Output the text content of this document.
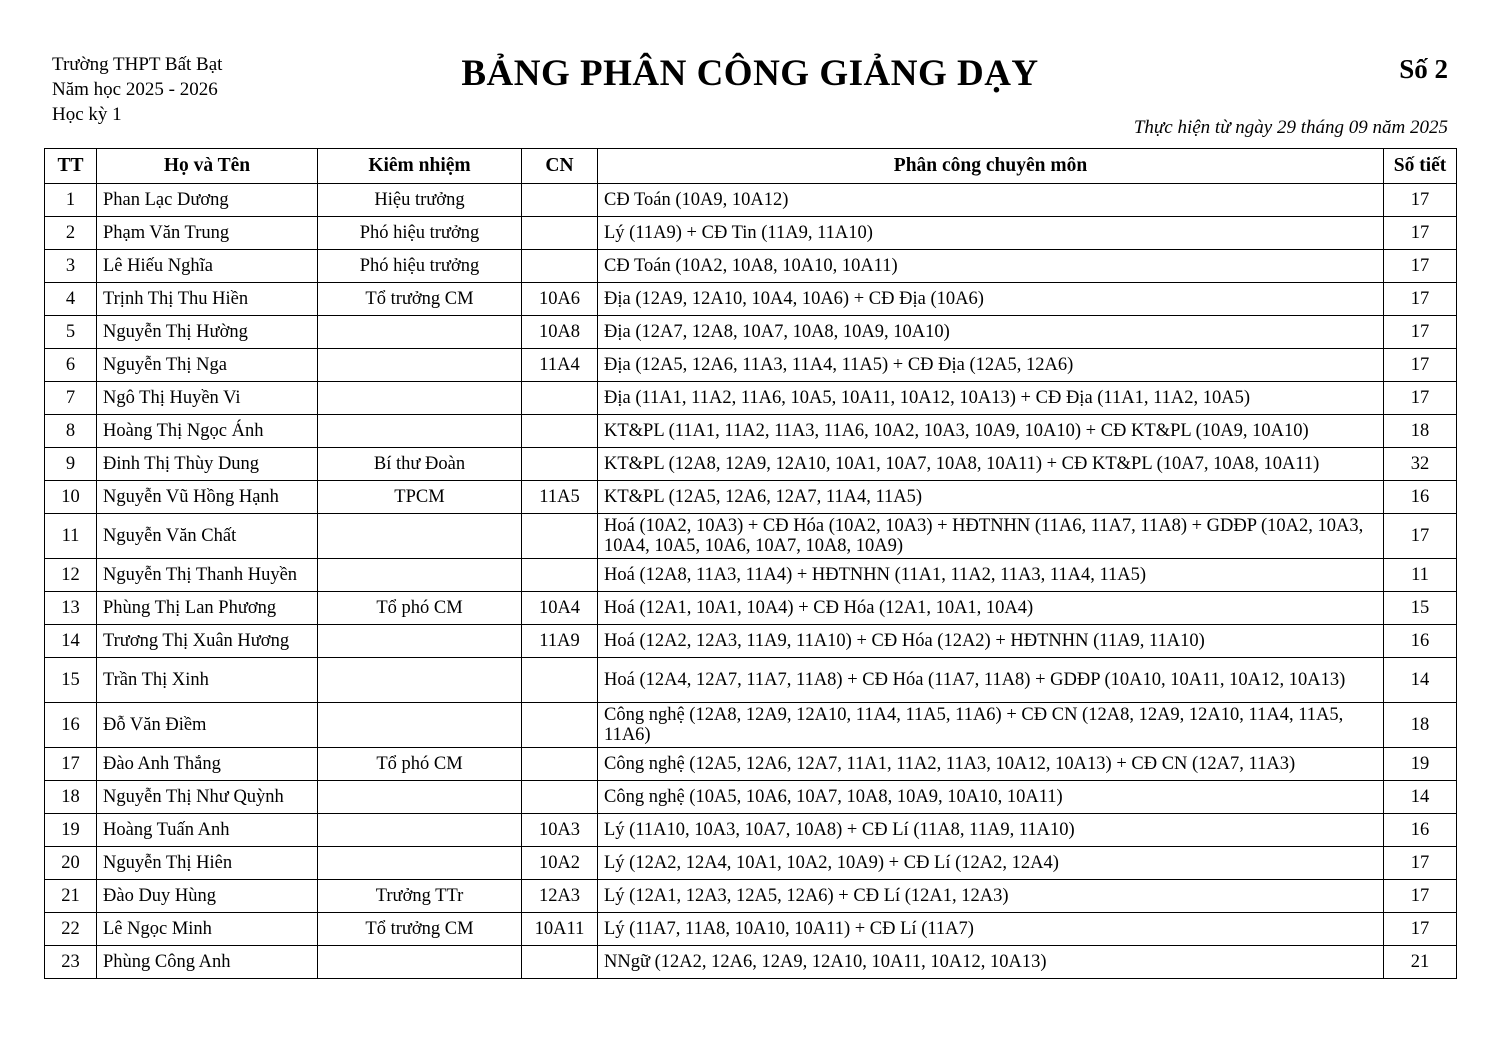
Trường THPT Bất Bạt
Năm học 2025 - 2026
Học kỳ 1
BẢNG PHÂN CÔNG GIẢNG DẠY	Số 2
Thực hiện từ ngày 29 tháng 09 năm 2025
TT	Họ và Tên	Kiêm nhiệm	CN	Phân công chuyên môn	Số tiết
1	Phan Lạc Dương	Hiệu trưởng		CĐ Toán (10A9, 10A12)	17
2	Phạm Văn Trung	Phó hiệu trưởng		Lý (11A9) + CĐ Tin (11A9, 11A10)	17
3	Lê Hiếu Nghĩa	Phó hiệu trưởng		CĐ Toán (10A2, 10A8, 10A10, 10A11)	17
4	Trịnh Thị Thu Hiền	Tổ trưởng CM	10A6	Địa (12A9, 12A10, 10A4, 10A6) + CĐ Địa (10A6)	17
5	Nguyễn Thị Hường		10A8	Địa (12A7, 12A8, 10A7, 10A8, 10A9, 10A10)	17
6	Nguyễn Thị Nga		11A4	Địa (12A5, 12A6, 11A3, 11A4, 11A5) + CĐ Địa (12A5, 12A6)	17
7	Ngô Thị Huyền Vi			Địa (11A1, 11A2, 11A6, 10A5, 10A11, 10A12, 10A13) + CĐ Địa (11A1, 11A2, 10A5)	17
8	Hoàng Thị Ngọc Ánh			KT&PL (11A1, 11A2, 11A3, 11A6, 10A2, 10A3, 10A9, 10A10) + CĐ KT&PL (10A9, 10A10)	18
9	Đinh Thị Thùy Dung	Bí thư Đoàn		KT&PL (12A8, 12A9, 12A10, 10A1, 10A7, 10A8, 10A11) + CĐ KT&PL (10A7, 10A8, 10A11)	32
10	Nguyễn Vũ Hồng Hạnh	TPCM	11A5	KT&PL (12A5, 12A6, 12A7, 11A4, 11A5)	16
11	Nguyễn Văn Chất			Hoá (10A2, 10A3) + CĐ Hóa (10A2, 10A3) + HĐTNHN (11A6, 11A7, 11A8) + GDĐP (10A2, 10A3, 10A4, 10A5, 10A6, 10A7, 10A8, 10A9)	17
12	Nguyễn Thị Thanh Huyền			Hoá (12A8, 11A3, 11A4) + HĐTNHN (11A1, 11A2, 11A3, 11A4, 11A5)	11
13	Phùng Thị Lan Phương	Tổ phó CM	10A4	Hoá (12A1, 10A1, 10A4) + CĐ Hóa (12A1, 10A1, 10A4)	15
14	Trương Thị Xuân Hương		11A9	Hoá (12A2, 12A3, 11A9, 11A10) + CĐ Hóa (12A2) + HĐTNHN (11A9, 11A10)	16
15	Trần Thị Xinh			Hoá (12A4, 12A7, 11A7, 11A8) + CĐ Hóa (11A7, 11A8) + GDĐP (10A10, 10A11, 10A12, 10A13)	14
16	Đỗ Văn Điềm			Công nghệ (12A8, 12A9, 12A10, 11A4, 11A5, 11A6) + CĐ CN (12A8, 12A9, 12A10, 11A4, 11A5, 11A6)	18
17	Đào Anh Thắng	Tổ phó CM		Công nghệ (12A5, 12A6, 12A7, 11A1, 11A2, 11A3, 10A12, 10A13) + CĐ CN (12A7, 11A3)	19
18	Nguyễn Thị Như Quỳnh			Công nghệ (10A5, 10A6, 10A7, 10A8, 10A9, 10A10, 10A11)	14
19	Hoàng Tuấn Anh		10A3	Lý (11A10, 10A3, 10A7, 10A8) + CĐ Lí (11A8, 11A9, 11A10)	16
20	Nguyễn Thị Hiên		10A2	Lý (12A2, 12A4, 10A1, 10A2, 10A9) + CĐ Lí (12A2, 12A4)	17
21	Đào Duy Hùng	Trưởng TTr	12A3	Lý (12A1, 12A3, 12A5, 12A6) + CĐ Lí (12A1, 12A3)	17
22	Lê Ngọc Minh	Tổ trưởng CM	10A11	Lý (11A7, 11A8, 10A10, 10A11) + CĐ Lí (11A7)	17
23	Phùng Công Anh			NNgữ (12A2, 12A6, 12A9, 12A10, 10A11, 10A12, 10A13)	21
